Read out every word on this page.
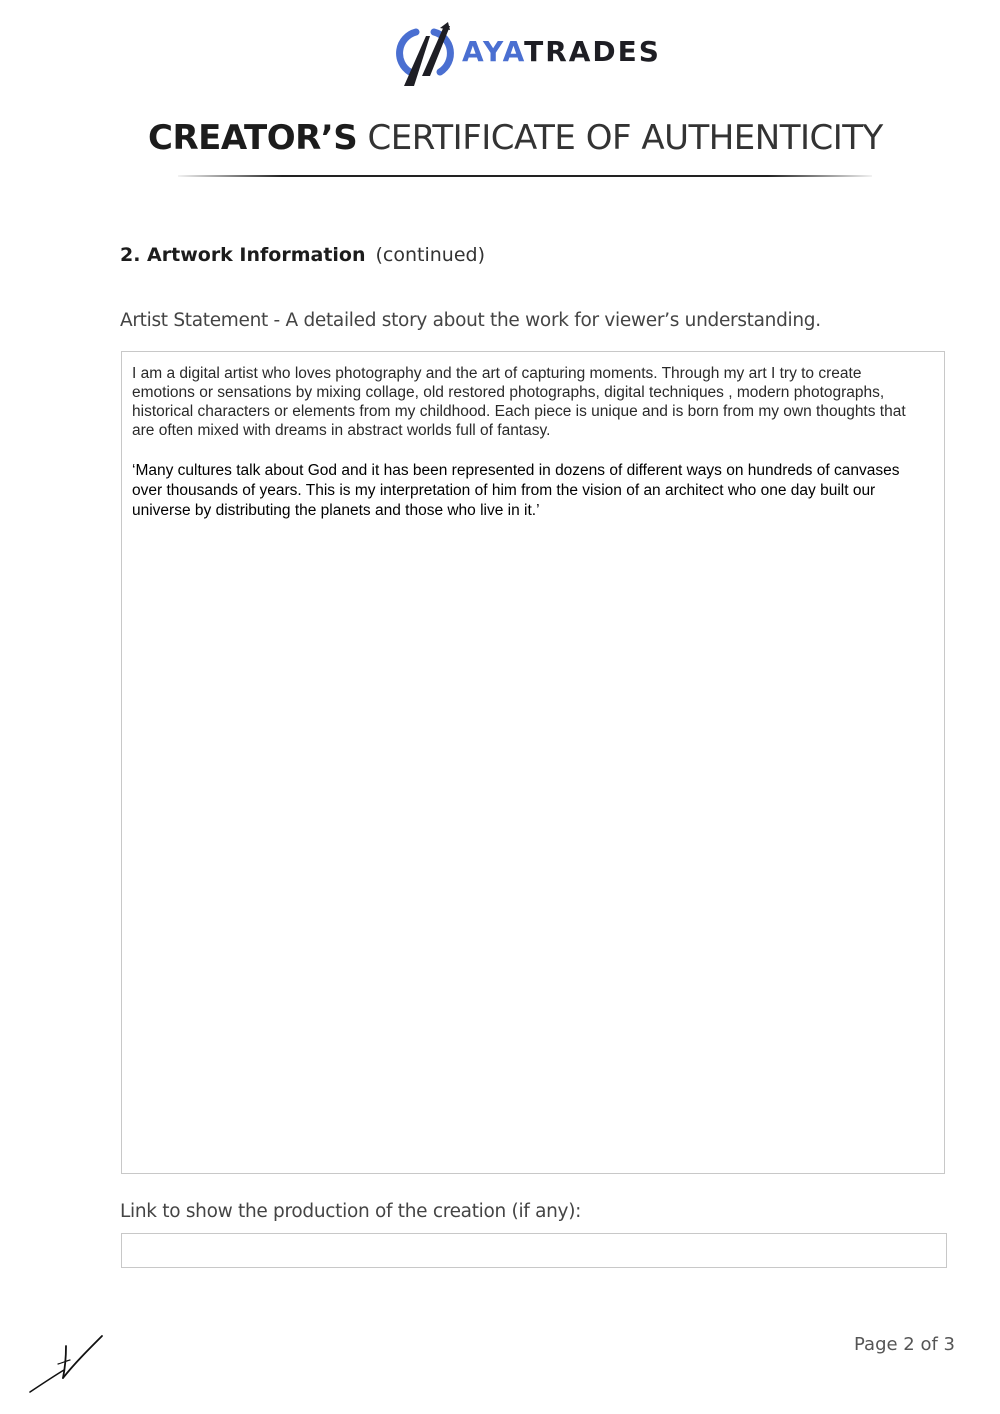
AYATRADES
CREATOR’S CERTIFICATE OF AUTHENTICITY
2. Artwork Information (continued)
Artist Statement - A detailed story about the work for viewer’s understanding.

I am a digital artist who loves photography and the art of capturing moments. Through my art I try to create emotions or sensations by mixing collage, old restored photographs, digital techniques , modern photographs, historical characters or elements from my childhood. Each piece is unique and is born from my own thoughts that are often mixed with dreams in abstract worlds full of fantasy.

‘Many cultures talk about God and it has been represented in dozens of different ways on hundreds of canvases over thousands of years. This is my interpretation of him from the vision of an architect who one day built our universe by distributing the planets and those who live in it.’

Link to show the production of the creation (if any):
Page 2 of 3
